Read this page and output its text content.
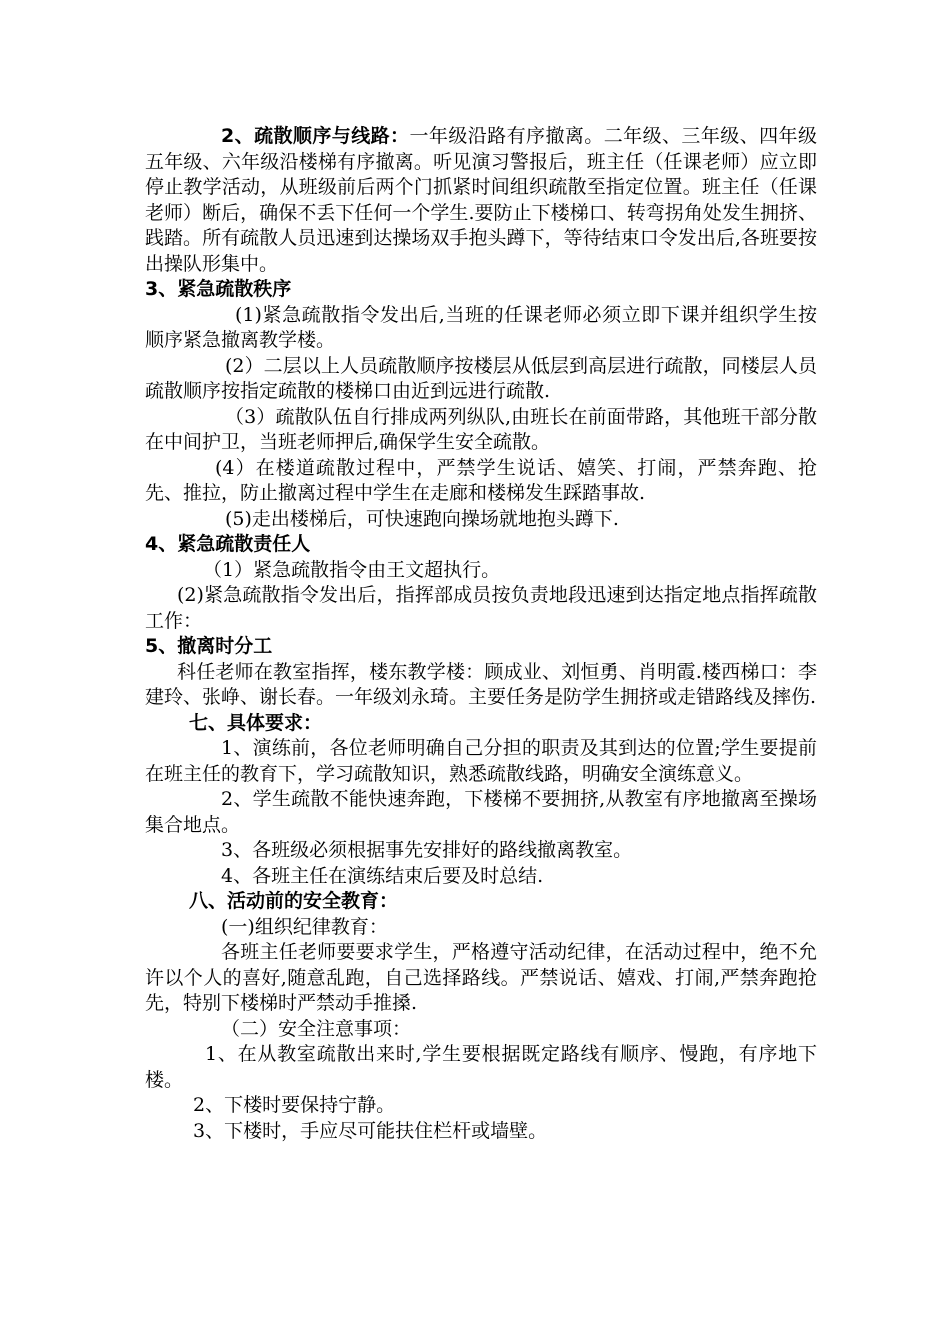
2、疏散顺序与线路：一年级沿路有序撤离。二年级、三年级、四年级五年级、六年级沿楼梯有序撤离。听见演习警报后，班主任（任课老师）应立即停止教学活动，从班级前后两个门抓紧时间组织疏散至指定位置。班主任（任课老师）断后，确保不丢下任何一个学生.要防止下楼梯口、转弯拐角处发生拥挤、践踏。所有疏散人员迅速到达操场双手抱头蹲下，等待结束口令发出后,各班要按出操队形集中。

3、紧急疏散秩序

(1)紧急疏散指令发出后,当班的任课老师必须立即下课并组织学生按顺序紧急撤离教学楼。

(2）二层以上人员疏散顺序按楼层从低层到高层进行疏散，同楼层人员疏散顺序按指定疏散的楼梯口由近到远进行疏散.

（3）疏散队伍自行排成两列纵队,由班长在前面带路，其他班干部分散在中间护卫，当班老师押后,确保学生安全疏散。

(4）在楼道疏散过程中，严禁学生说话、嬉笑、打闹，严禁奔跑、抢先、推拉，防止撤离过程中学生在走廊和楼梯发生踩踏事故.

(5)走出楼梯后，可快速跑向操场就地抱头蹲下.

4、紧急疏散责任人

（1）紧急疏散指令由王文超执行。

(2)紧急疏散指令发出后，指挥部成员按负责地段迅速到达指定地点指挥疏散工作：

5、撤离时分工

科任老师在教室指挥，楼东教学楼：顾成业、刘恒勇、肖明霞.楼西梯口：李建玲、张峥、谢长春。一年级刘永琦。主要任务是防学生拥挤或走错路线及摔伤.

七、具体要求：

1、演练前，各位老师明确自己分担的职责及其到达的位置;学生要提前在班主任的教育下，学习疏散知识，熟悉疏散线路，明确安全演练意义。

2、学生疏散不能快速奔跑，下楼梯不要拥挤,从教室有序地撤离至操场集合地点。

3、各班级必须根据事先安排好的路线撤离教室。

4、各班主任在演练结束后要及时总结.

八、活动前的安全教育：

(一)组织纪律教育：

各班主任老师要要求学生，严格遵守活动纪律，在活动过程中，绝不允许以个人的喜好,随意乱跑，自己选择路线。严禁说话、嬉戏、打闹,严禁奔跑抢先，特别下楼梯时严禁动手推搡.

（二）安全注意事项：

1、在从教室疏散出来时,学生要根据既定路线有顺序、慢跑，有序地下楼。

2、下楼时要保持宁静。

3、下楼时，手应尽可能扶住栏杆或墙壁。
